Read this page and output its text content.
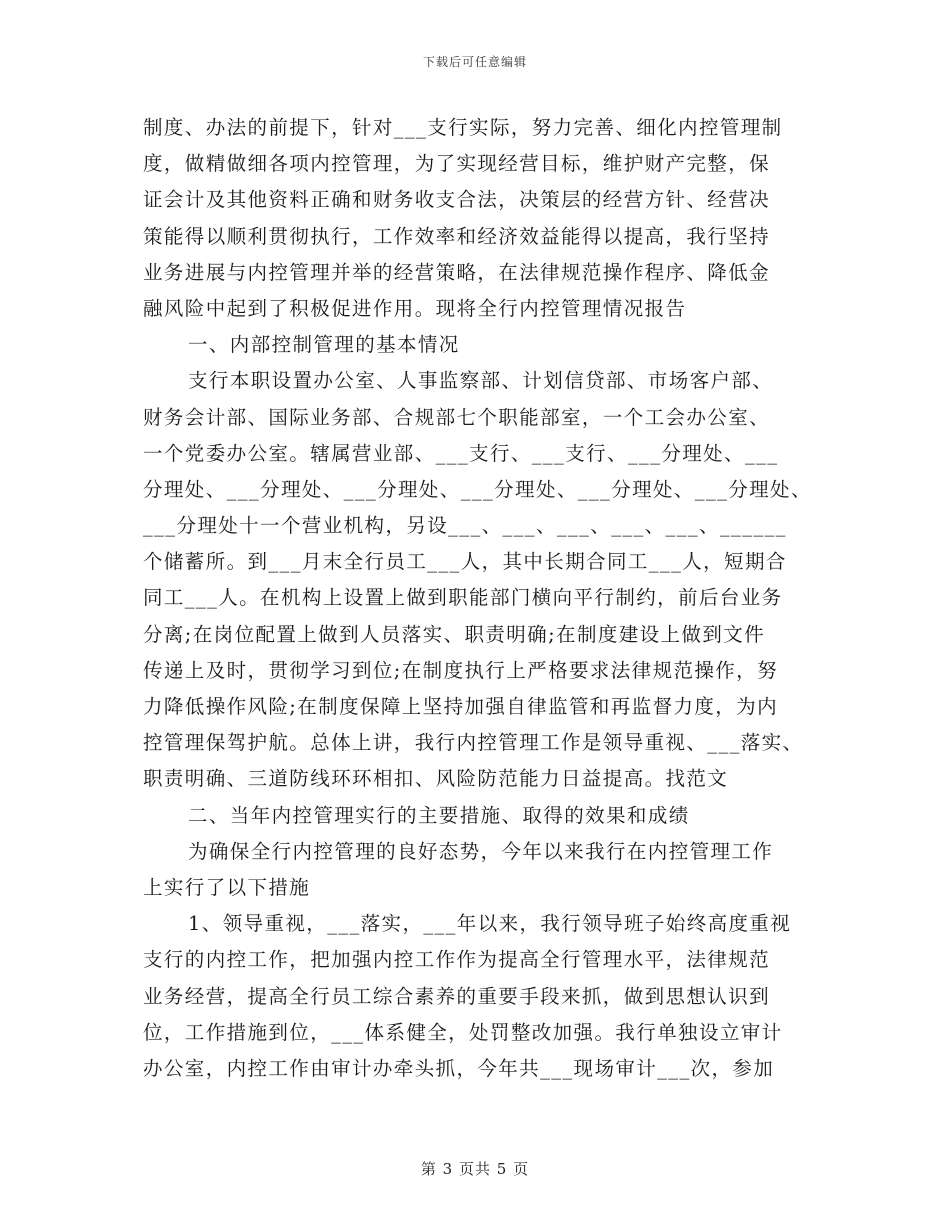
下载后可任意编辑
制度、办法的前提下，针对___支行实际，努力完善、细化内控管理制
度，做精做细各项内控管理，为了实现经营目标，维护财产完整，保
证会计及其他资料正确和财务收支合法，决策层的经营方针、经营决
策能得以顺利贯彻执行，工作效率和经济效益能得以提高，我行坚持
业务进展与内控管理并举的经营策略，在法律规范操作程序、降低金
融风险中起到了积极促进作用。现将全行内控管理情况报告
一、内部控制管理的基本情况
支行本职设置办公室、人事监察部、计划信贷部、市场客户部、
财务会计部、国际业务部、合规部七个职能部室，一个工会办公室、
一个党委办公室。辖属营业部、___支行、___支行、___分理处、___
分理处、___分理处、___分理处、___分理处、___分理处、___分理处、
___分理处十一个营业机构，另设___、___、___、___、___、______
个储蓄所。到___月末全行员工___人，其中长期合同工___人，短期合
同工___人。在机构上设置上做到职能部门横向平行制约，前后台业务
分离;在岗位配置上做到人员落实、职责明确;在制度建设上做到文件
传递上及时，贯彻学习到位;在制度执行上严格要求法律规范操作，努
力降低操作风险;在制度保障上坚持加强自律监管和再监督力度，为内
控管理保驾护航。总体上讲，我行内控管理工作是领导重视、___落实、
职责明确、三道防线环环相扣、风险防范能力日益提高。找范文
二、当年内控管理实行的主要措施、取得的效果和成绩
为确保全行内控管理的良好态势，今年以来我行在内控管理工作
上实行了以下措施
1、领导重视，___落实，___年以来，我行领导班子始终高度重视
支行的内控工作，把加强内控工作作为提高全行管理水平，法律规范
业务经营，提高全行员工综合素养的重要手段来抓，做到思想认识到
位，工作措施到位，___体系健全，处罚整改加强。我行单独设立审计
办公室，内控工作由审计办牵头抓，今年共___现场审计___次，参加
第 3 页共 5 页
